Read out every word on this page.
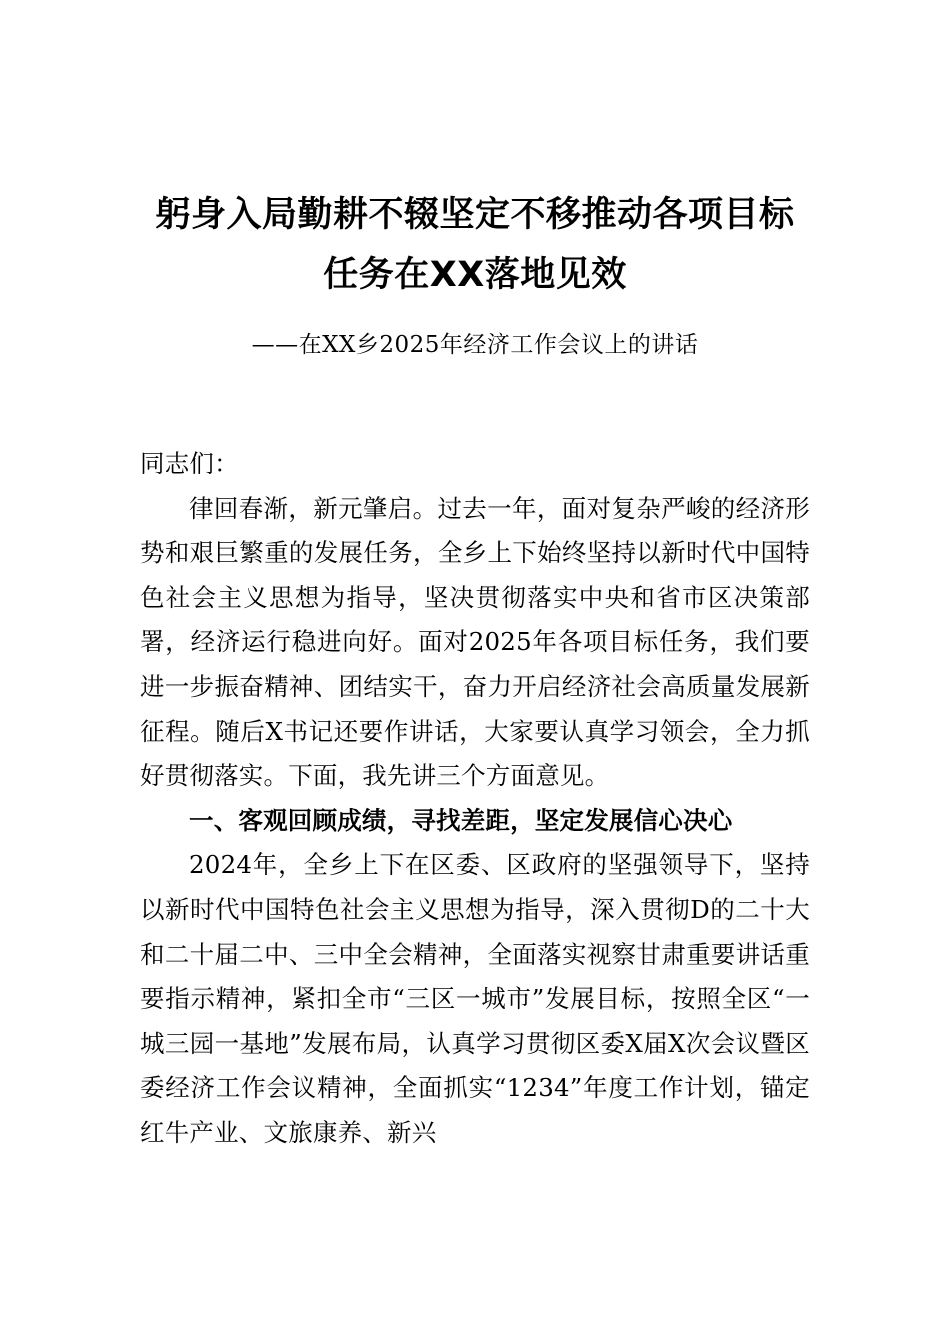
躬身入局勤耕不辍坚定不移推动各项目标任务在XX落地见效
——在XX乡2025年经济工作会议上的讲话

同志们：

律回春渐，新元肇启。过去一年，面对复杂严峻的经济形势和艰巨繁重的发展任务，全乡上下始终坚持以新时代中国特色社会主义思想为指导，坚决贯彻落实中央和省市区决策部署，经济运行稳进向好。面对2025年各项目标任务，我们要进一步振奋精神、团结实干，奋力开启经济社会高质量发展新征程。随后X书记还要作讲话，大家要认真学习领会，全力抓好贯彻落实。下面，我先讲三个方面意见。

一、客观回顾成绩，寻找差距，坚定发展信心决心

2024年，全乡上下在区委、区政府的坚强领导下，坚持以新时代中国特色社会主义思想为指导，深入贯彻D的二十大和二十届二中、三中全会精神，全面落实视察甘肃重要讲话重要指示精神，紧扣全市“三区一城市”发展目标，按照全区“一城三园一基地”发展布局，认真学习贯彻区委X届X次会议暨区委经济工作会议精神，全面抓实“1234”年度工作计划，锚定红牛产业、文旅康养、新兴
